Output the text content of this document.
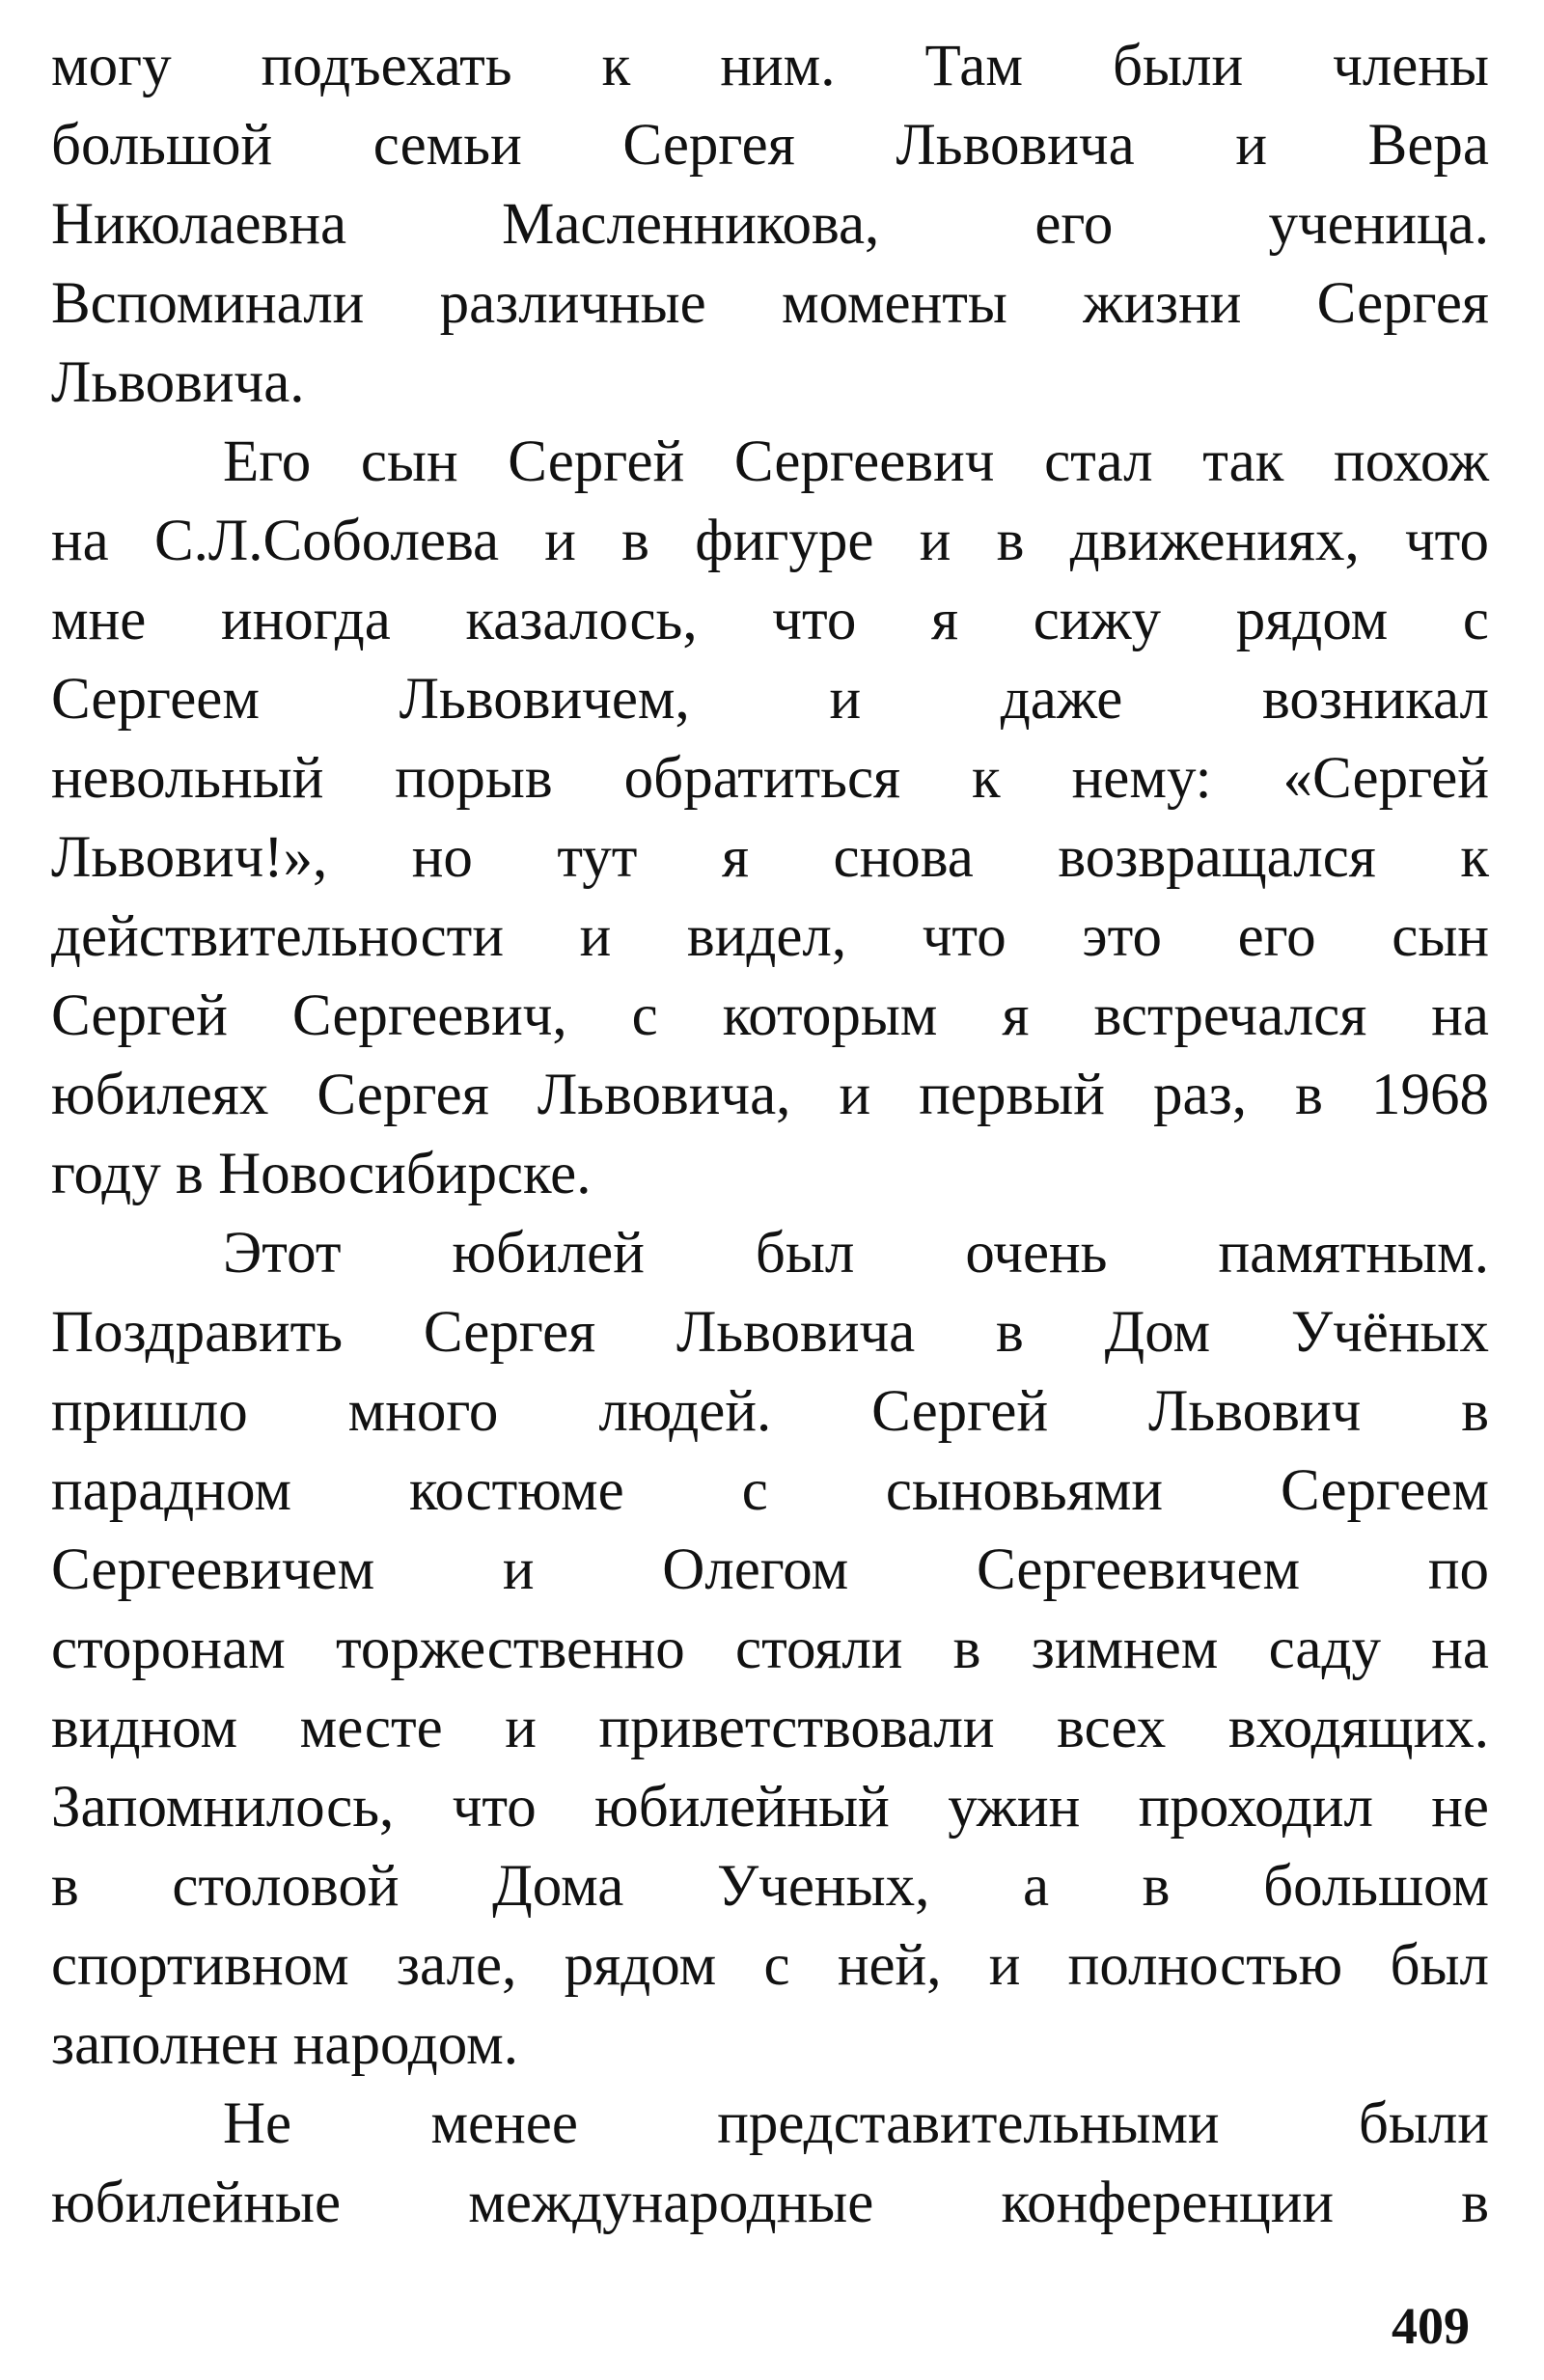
могу подъехать к ним. Там были члены
большой семьи Сергея Львовича и Вера
Николаевна Масленникова, его ученица.
Вспоминали различные моменты жизни Сергея
Львовича.

Его сын Сергей Сергеевич стал так похож
на С.Л.Соболева и в фигуре и в движениях, что
мне иногда казалось, что я сижу рядом с
Сергеем Львовичем, и даже возникал
невольный порыв обратиться к нему: «Сергей
Львович!», но тут я снова возвращался к
действительности и видел, что это его сын
Сергей Сергеевич, с которым я встречался на
юбилеях Сергея Львовича, и первый раз, в 1968
году в Новосибирске.

Этот юбилей был очень памятным.
Поздравить Сергея Львовича в Дом Учёных
пришло много людей. Сергей Львович в
парадном костюме с сыновьями Сергеем
Сергеевичем и Олегом Сергеевичем по
сторонам торжественно стояли в зимнем саду на
видном месте и приветствовали всех входящих.
Запомнилось, что юбилейный ужин проходил не
в столовой Дома Ученых, а в большом
спортивном зале, рядом с ней, и полностью был
заполнен народом.

Не менее представительными были
юбилейные международные конференции в

409
